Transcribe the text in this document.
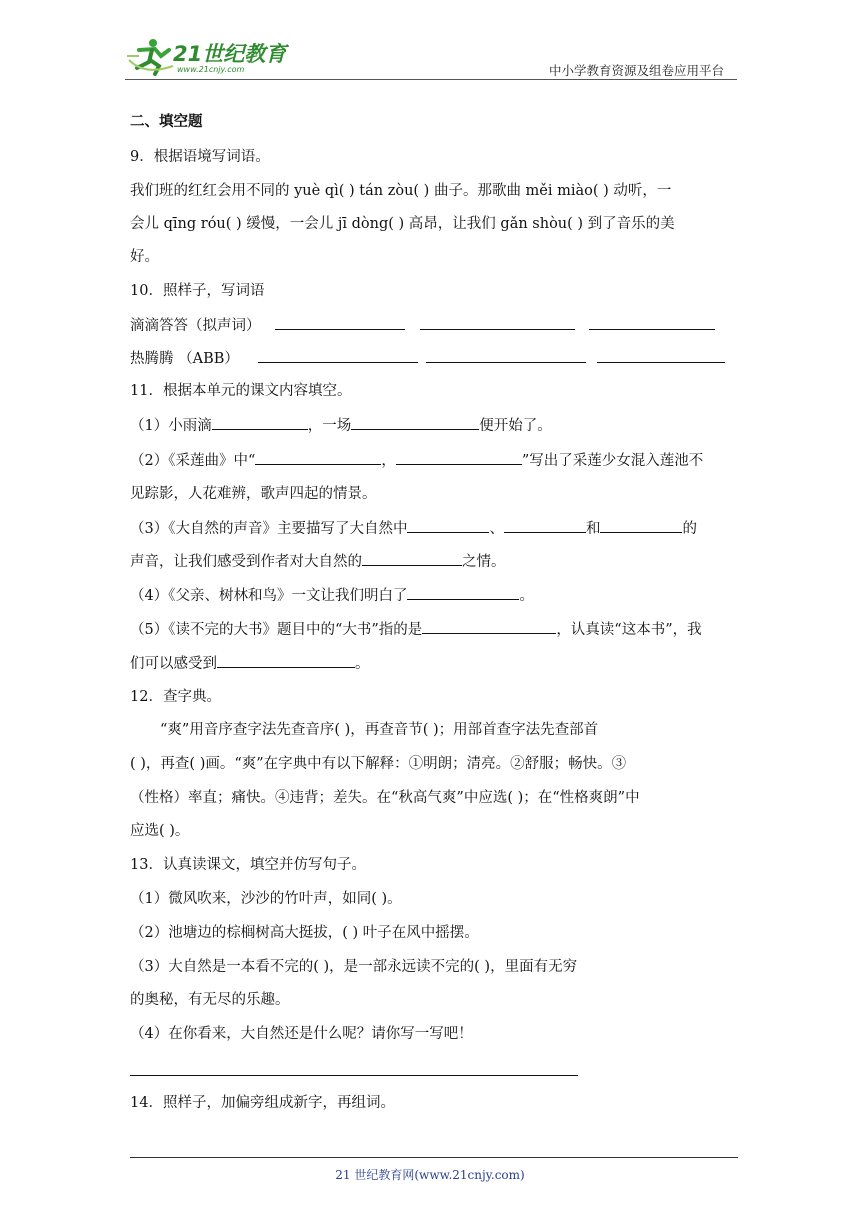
21世纪教育
www.21cnjy.com	中小学教育资源及组卷应用平台
二、填空题
9．根据语境写词语。
我们班的红红会用不同的 yuè qì( ) tán zòu( ) 曲子。那歌曲 měi miào( ) 动听，一
会儿 qīng róu( ) 缓慢，一会儿 jī dòng( ) 高昂，让我们 gǎn shòu( ) 到了音乐的美
好。
10．照样子，写词语
滴滴答答（拟声词）
热腾腾 （ABB）
11．根据本单元的课文内容填空。
（1）小雨滴	，一场	便开始了。
（2）《采莲曲》中“	，	”写出了采莲少女混入莲池不
见踪影，人花难辨，歌声四起的情景。
（3）《大自然的声音》主要描写了大自然中	、	和	的
声音，让我们感受到作者对大自然的	之情。
（4）《父亲、树林和鸟》一文让我们明白了	。
（5）《读不完的大书》题目中的“大书”指的是	，认真读“这本书”，我
们可以感受到	。
12．查字典。
“爽”用音序查字法先查音序( )，再查音节( )；用部首查字法先查部首
( )，再查( )画。“爽”在字典中有以下解释：①明朗；清亮。②舒服；畅快。③
（性格）率直；痛快。④违背；差失。在“秋高气爽”中应选( )；在“性格爽朗”中
应选( )。
13．认真读课文，填空并仿写句子。
（1）微风吹来，沙沙的竹叶声，如同( )。
（2）池塘边的棕榈树高大挺拔，( ) 叶子在风中摇摆。
（3）大自然是一本看不完的( )，是一部永远读不完的( )，里面有无穷
的奥秘，有无尽的乐趣。
（4）在你看来，大自然还是什么呢？请你写一写吧！
14．照样子，加偏旁组成新字，再组词。
21 世纪教育网(www.21cnjy.com)
